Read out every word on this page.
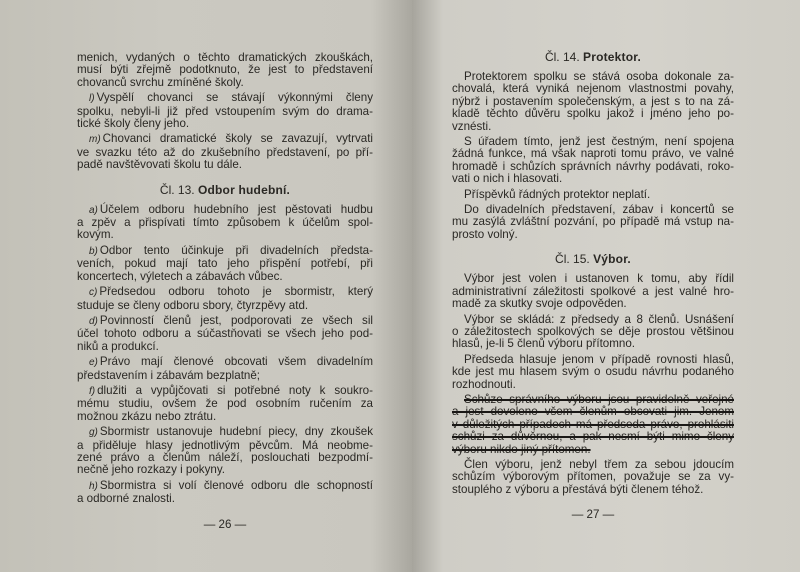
menich, vydaných o těchto dramatických zkouškách,
musí býti zřejmě podotknuto, že jest to představení
chovanců svrchu zmíněné školy.
l) Vyspělí chovanci se stávají výkonnými členy
spolku, nebyli-li již před vstoupením svým do drama-
tické školy členy jeho.
m) Chovanci dramatické školy se zavazují, vytrvati
ve svazku této až do zkušebního představení, po pří-
padě navštěvovati školu tu dále.
Čl. 13. Odbor hudební.
a) Účelem odboru hudebního jest pěstovati hudbu
a zpěv a přispívati tímto způsobem k účelům spol-
kovým.
b) Odbor tento účinkuje při divadelních předsta-
veních, pokud mají tato jeho přispění potřebí, při
koncertech, výletech a zábavách vůbec.
c) Předsedou odboru tohoto je sbormistr, který
studuje se členy odboru sbory, čtyrzpěvy atd.
d) Povinností členů jest, podporovati ze všech sil
účel tohoto odboru a súčastňovati se všech jeho pod-
niků a produkcí.
e) Právo mají členové obcovati všem divadelním
představením i zábavám bezplatně;
f) dlužiti a vypůjčovati si potřebné noty k soukro-
mému studiu, ovšem že pod osobním ručením za
možnou zkázu nebo ztrátu.
g) Sbormistr ustanovuje hudební piecy, dny zkoušek
a přiděluje hlasy jednotlivým pěvcům. Má neobme-
zené právo a členům náleží, poslouchati bezpodmí-
nečně jeho rozkazy i pokyny.
h) Sbormistra si volí členové odboru dle schopností
a odborné znalosti.
— 26 —
Čl. 14. Protektor.
Protektorem spolku se stává osoba dokonale za-
chovalá, která vyniká nejenom vlastnostmi povahy,
nýbrž i postavením společenským, a jest s to na zá-
kladě těchto důvěru spolku jakož i jméno jeho po-
vznésti.
S úřadem tímto, jenž jest čestným, není spojena
žádná funkce, má však naproti tomu právo, ve valné
hromadě i schůzích správních návrhy podávati, roko-
vati o nich i hlasovati.
Příspěvků řádných protektor neplatí.
Do divadelních představení, zábav i koncertů se
mu zasýlá zvláštní pozvání, po případě má vstup na-
prosto volný.
Čl. 15. Výbor.
Výbor jest volen i ustanoven k tomu, aby řídil
administrativní záležitosti spolkové a jest valné hro-
madě za skutky svoje odpověden.
Výbor se skládá: z předsedy a 8 členů. Usnášení
o záležitostech spolkových se děje prostou většinou
hlasů, je-li 5 členů výboru přítomno.
Předseda hlasuje jenom v případě rovnosti hlasů,
kde jest mu hlasem svým o osudu návrhu podaného
rozhodnouti.
Schůze správního výboru jsou pravidelně veřejné
a jest dovoleno všem členům obcovati jim. Jenom
v důležitých případech má předseda právo, prohlásiti
schůzi za důvěrnou, a pak nesmí býti mimo členy
výboru nikdo jiný přítomen.
Člen výboru, jenž nebyl třem za sebou jdoucím
schůzím výborovým přítomen, považuje se za vy-
stouplého z výboru a přestává býti členem téhož.
— 27 —
